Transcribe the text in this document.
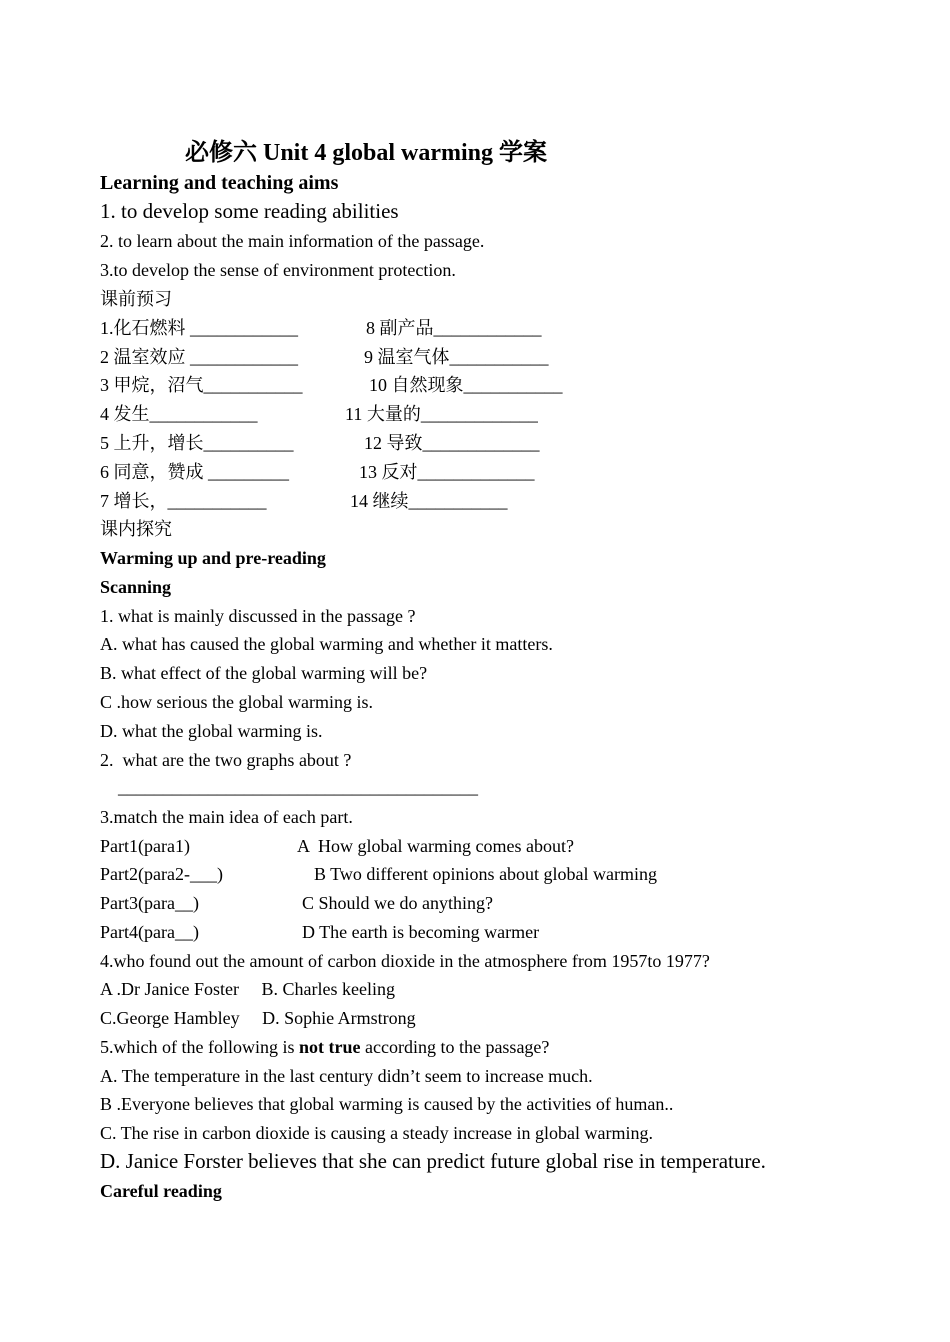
必修六 Unit 4 global warming 学案
Learning and teaching aims
1. to develop some reading abilities
2. to learn about the main information of the passage.
3.to develop the sense of environment protection.
课前预习
1.化石燃料 ____________
2 温室效应 ____________
3 甲烷，沼气___________
4 发生____________
5 上升，增长__________
6 同意，赞成 _________
7 增长，___________
8 副产品____________
9 温室气体___________
10 自然现象___________
11 大量的_____________
12 导致_____________
13 反对_____________
14 继续___________
课内探究
Warming up and pre-reading
Scanning
1. what is mainly discussed in the passage ?
A. what has caused the global warming and whether it matters.
B. what effect of the global warming will be?
C .how serious the global warming is.
D. what the global warming is.
2.  what are the two graphs about ?
________________________________________
3.match the main idea of each part.
Part1(para1)
Part2(para2-___)
Part3(para__)
Part4(para__)
A  How global warming comes about?
B Two different opinions about global warming
C Should we do anything?
D The earth is becoming warmer
4.who found out the amount of carbon dioxide in the atmosphere from 1957to 1977?
A .Dr Janice Foster     B. Charles keeling
C.George Hambley     D. Sophie Armstrong
5.which of the following is not true according to the passage?
A. The temperature in the last century didn’t seem to increase much.
B .Everyone believes that global warming is caused by the activities of human..
C. The rise in carbon dioxide is causing a steady increase in global warming.
D. Janice Forster believes that she can predict future global rise in temperature.
Careful reading
